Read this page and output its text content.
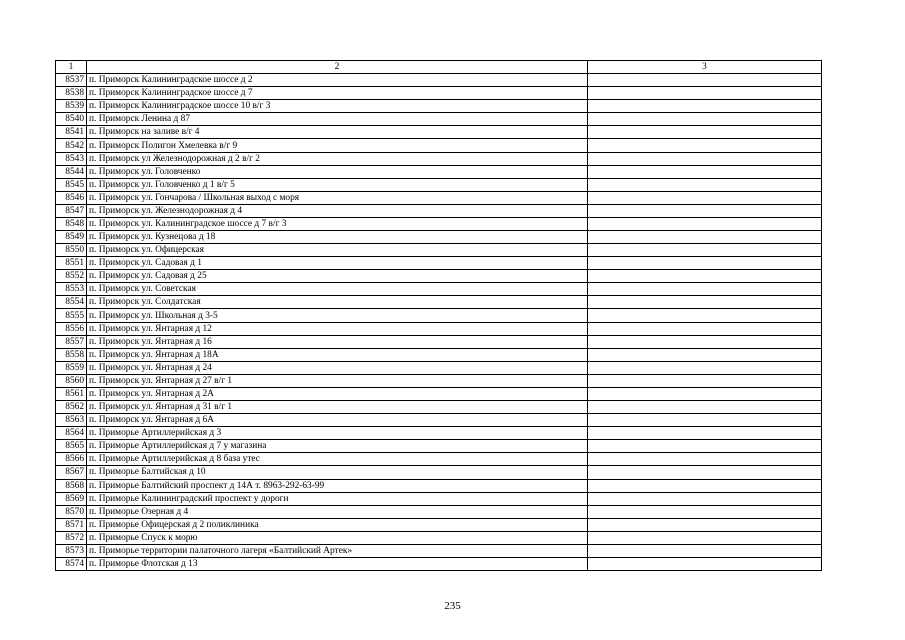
1	2	3
8537	п. Приморск Калининградское шоссе д 2	
8538	п. Приморск Калининградское шоссе д 7	
8539	п. Приморск Калининградское шоссе 10 в/г 3	
8540	п. Приморск Ленина д 87	
8541	п. Приморск на заливе в/г 4	
8542	п. Приморск Полигон Хмелевка в/г 9	
8543	п. Приморск ул Железнодорожная д 2 в/г 2	
8544	п. Приморск ул. Головченко	
8545	п. Приморск ул. Головченко д 1 в/г 5	
8546	п. Приморск ул. Гончарова / Школьная выход с моря	
8547	п. Приморск ул. Железнодорожная д 4	
8548	п. Приморск ул. Калининградское шоссе д 7 в/г 3	
8549	п. Приморск ул. Кузнецова д 18	
8550	п. Приморск ул. Офицерская	
8551	п. Приморск ул. Садовая д 1	
8552	п. Приморск ул. Садовая д 25	
8553	п. Приморск ул. Советская	
8554	п. Приморск ул. Солдатская	
8555	п. Приморск ул. Школьная д 3-5	
8556	п. Приморск ул. Янтарная д 12	
8557	п. Приморск ул. Янтарная д 16	
8558	п. Приморск ул. Янтарная д 18А	
8559	п. Приморск ул. Янтарная д 24	
8560	п. Приморск ул. Янтарная д 27 в/г 1	
8561	п. Приморск ул. Янтарная д 2А	
8562	п. Приморск ул. Янтарная д 31 в/г 1	
8563	п. Приморск ул. Янтарная д 6А	
8564	п. Приморье Артиллерийская д 3	
8565	п. Приморье Артиллерийская д 7 у магазина	
8566	п. Приморье Артиллерийская д 8 база утес	
8567	п. Приморье Балтийская д 10	
8568	п. Приморье Балтийский проспект д 14А т. 8963-292-63-99	
8569	п. Приморье Калининградский проспект у дороги	
8570	п. Приморье Озерная д 4	
8571	п. Приморье Офицерская д 2 поликлиника	
8572	п. Приморье Спуск к морю	
8573	п. Приморье территории палаточного лагеря «Балтийский Артек»	
8574	п. Приморье Флотская д 13	
235
